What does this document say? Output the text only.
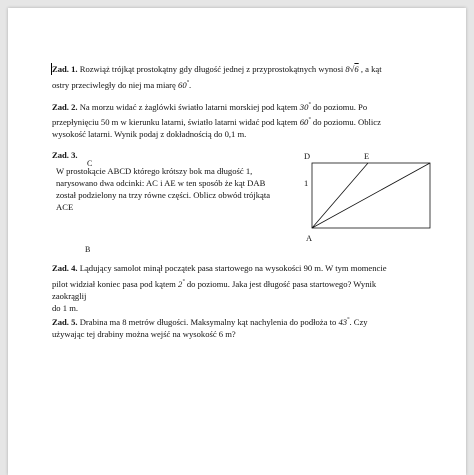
Zad. 1. Rozwiąż trójkąt prostokątny gdy długość jednej z przyprostokątnych wynosi 8√6 , a kąt
ostry przeciwległy do niej ma miarę 60°.
Zad. 2. Na morzu widać z żaglówki światło latarni morskiej pod kątem 30° do poziomu. Po
przepłynięciu 50 m w kierunku latarni, światło latarni widać pod kątem 60° do poziomu. Oblicz
wysokość latarni. Wynik podaj z dokładnością do 0,1 m.
Zad. 3.
C
W prostokącie ABCD którego krótszy bok ma długość 1,
narysowano dwa odcinki: AC i AE w ten sposób że kąt DAB
został podzielony na trzy równe części. Oblicz obwód trójkąta
ACE
B
D	E
A
1
Zad. 4. Lądujący samolot minął początek pasa startowego na wysokości 90 m. W tym momencie
pilot widział koniec pasa pod kątem 2° do poziomu. Jaka jest długość pasa startowego? Wynik
zaokrąglij
do 1 m.
Zad. 5. Drabina ma 8 metrów długości. Maksymalny kąt nachylenia do podłoża to 43°. Czy
używając tej drabiny można wejść na wysokość 6 m?
